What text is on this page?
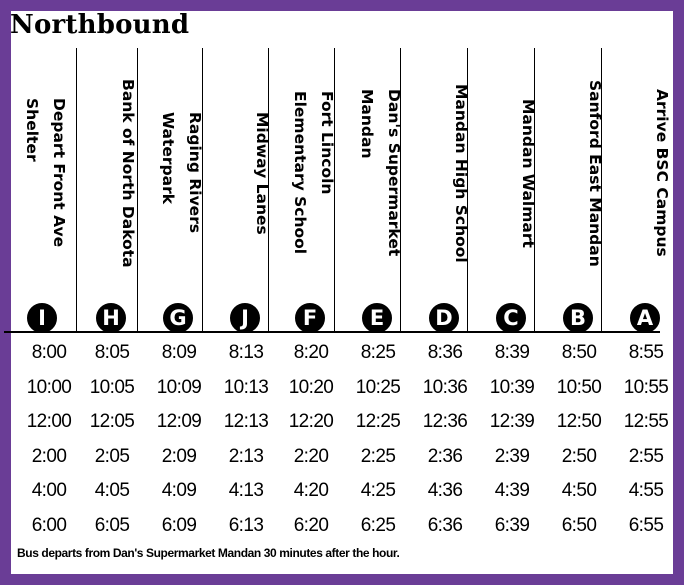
Northbound
Depart Front Ave
Shelter
I
Bank of North Dakota
H
Raging Rivers
Waterpark
G
Midway Lanes
J
Fort Lincoln
Elementary School
F
Dan's Supermarket
Mandan
E
Mandan High School
D
Mandan Walmart
C
Sanford East Mandan
B
Arrive BSC Campus
A
8:00	8:05	8:09	8:13	8:20	8:25	8:36	8:39	8:50	8:55
10:00 10:05	10:09	10:13	10:20	10:25	10:36	10:39	10:50	10:55
12:00 12:05	12:09	12:13	12:20	12:25	12:36	12:39	12:50	12:55
2:00	2:05	2:09	2:13	2:20	2:25	2:36	2:39	2:50	2:55
4:00	4:05	4:09	4:13	4:20	4:25	4:36	4:39	4:50	4:55
6:00	6:05	6:09	6:13	6:20	6:25	6:36	6:39	6:50	6:55
Bus departs from Dan's Supermarket Mandan 30 minutes after the hour.
